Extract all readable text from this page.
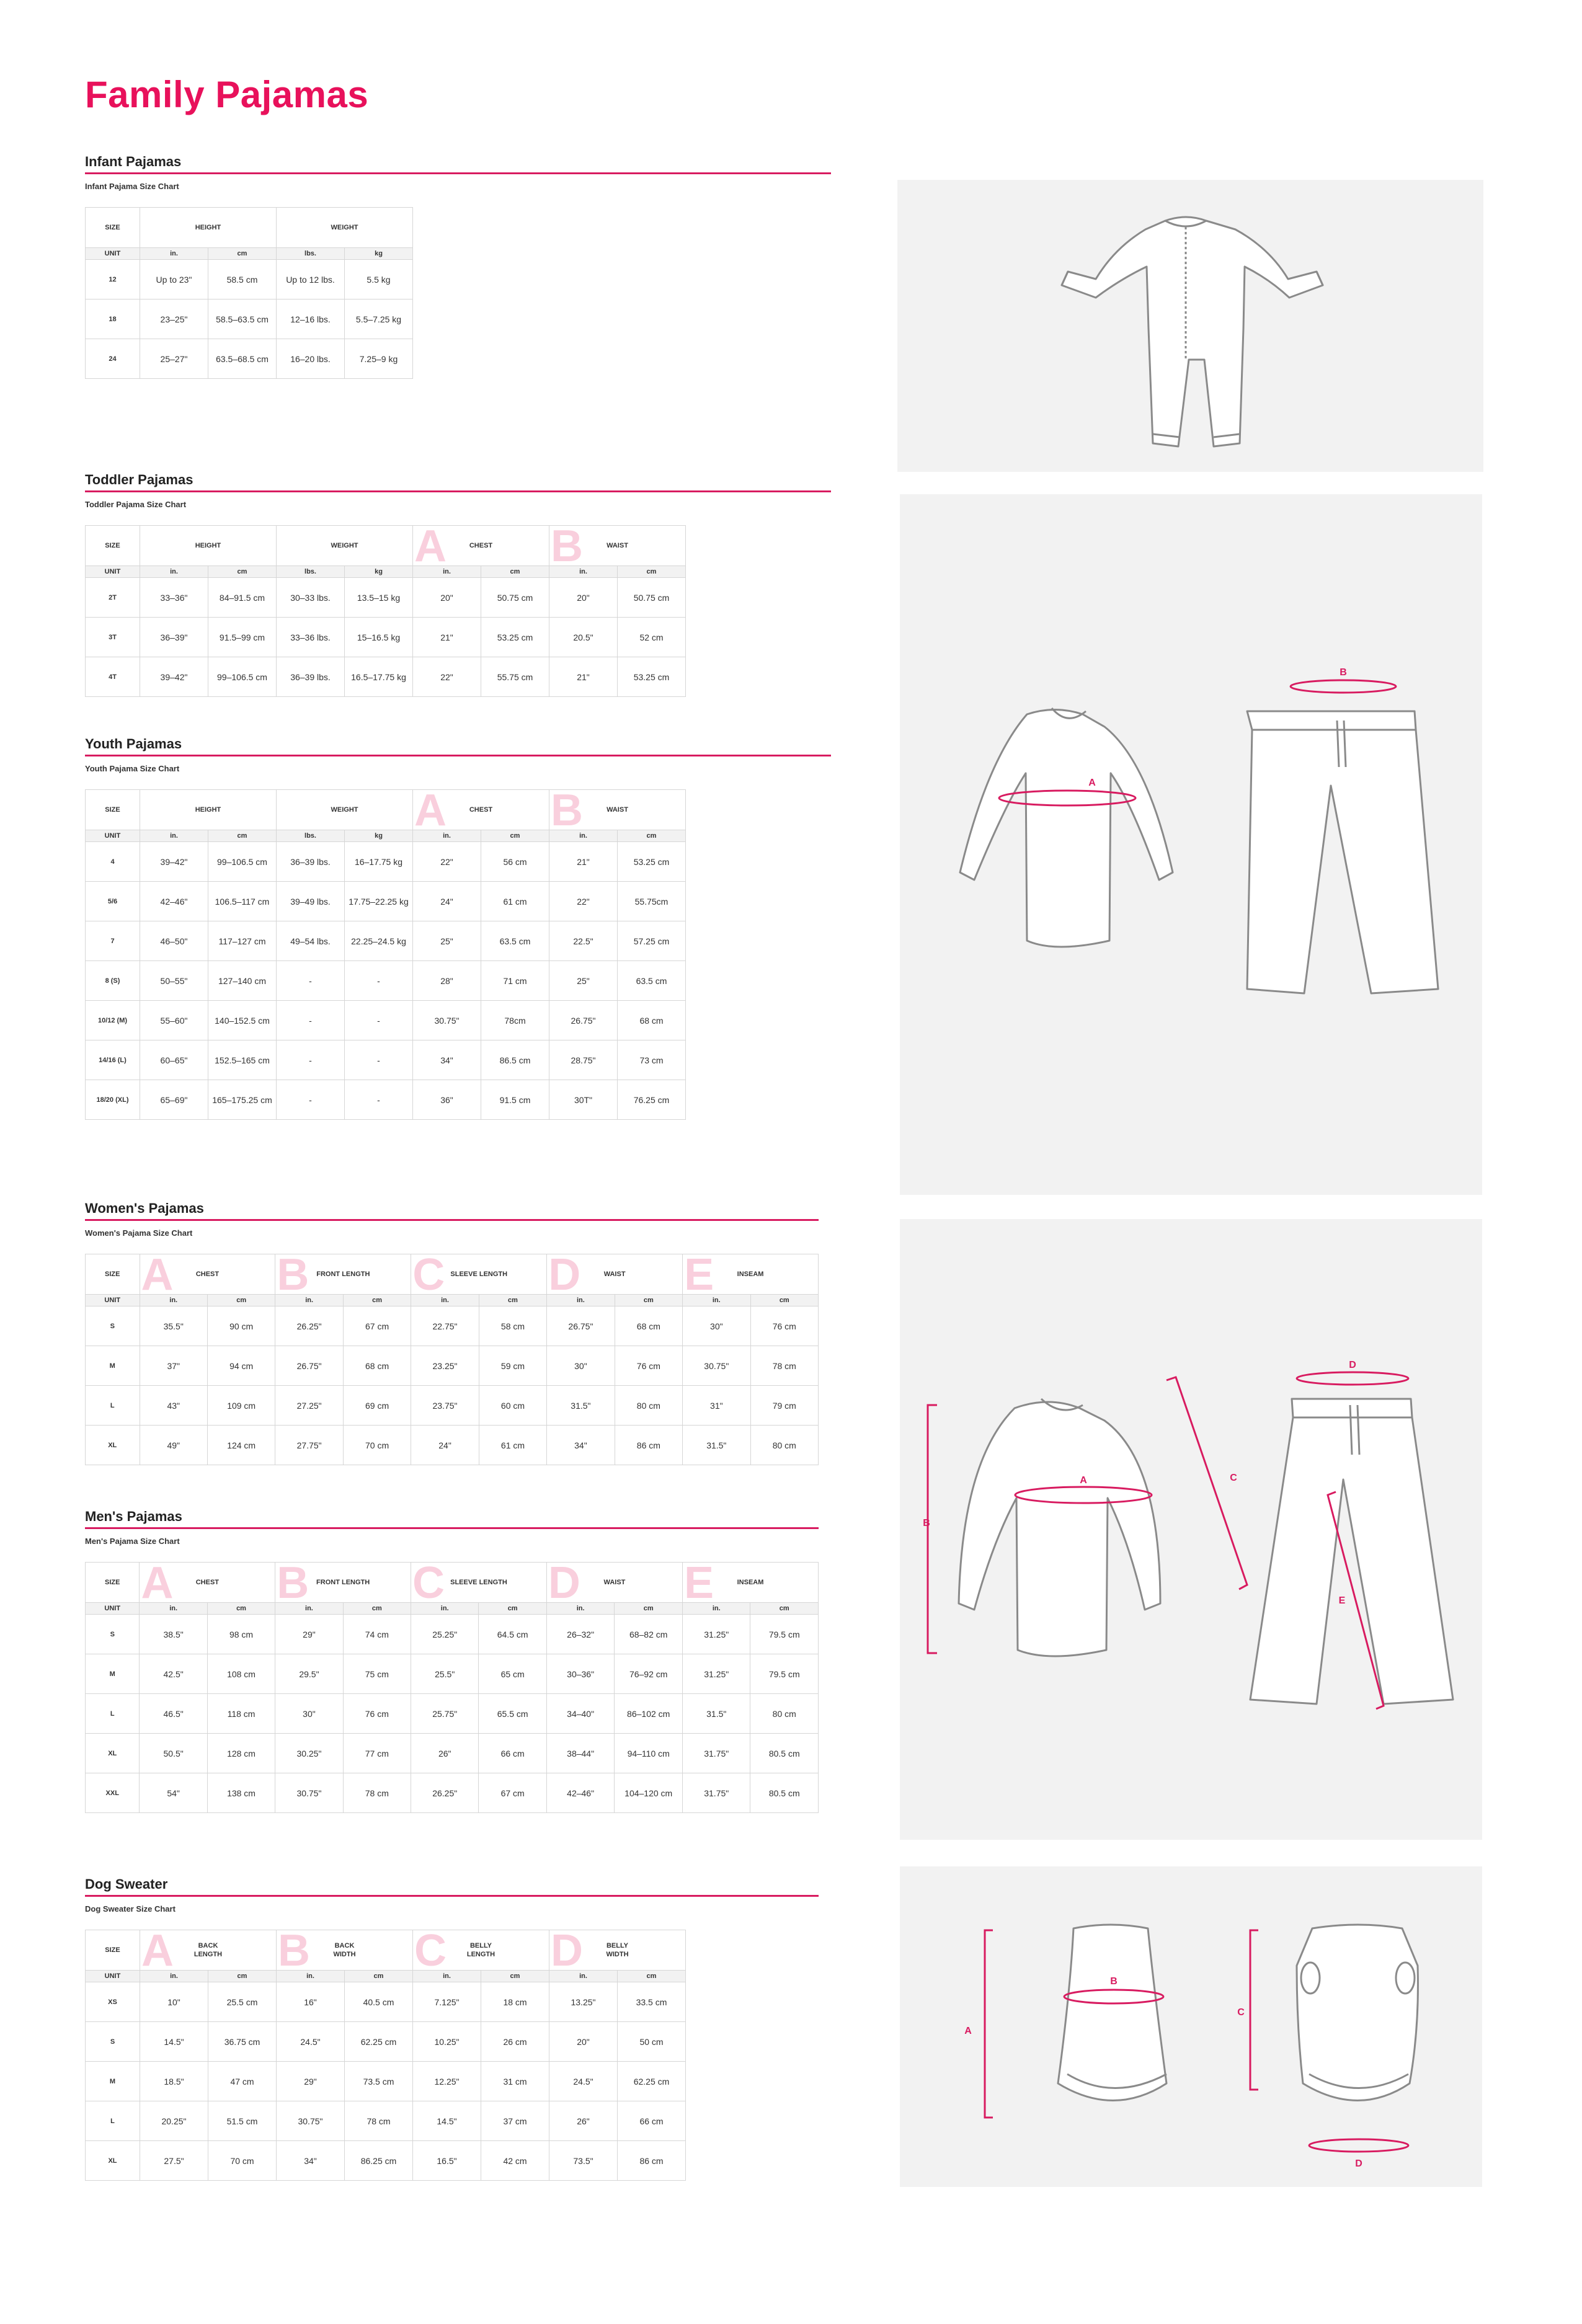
Family Pajamas
Infant Pajamas
Infant Pajama Size Chart
SIZE	HEIGHT		WEIGHT	
UNIT	in.	cm	lbs.	kg
12	Up to 23"	58.5 cm	Up to 12 lbs.	5.5 kg
18	23–25"	58.5–63.5 cm	12–16 lbs.	5.5–7.25 kg
24	25–27"	63.5–68.5 cm	16–20 lbs.	7.25–9 kg
Toddler Pajamas
Toddler Pajama Size Chart
SIZE	HEIGHT		WEIGHT		A CHEST		B WAIST	
UNIT	in.	cm	lbs.	kg	in.	cm	in.	cm
2T	33–36"	84–91.5 cm	30–33 lbs.	13.5–15 kg	20"	50.75 cm	20"	50.75 cm
3T	36–39"	91.5–99 cm	33–36 lbs.	15–16.5 kg	21"	53.25 cm	20.5"	52 cm
4T	39–42"	99–106.5 cm	36–39 lbs.	16.5–17.75 kg	22"	55.75 cm	21"	53.25 cm
Youth Pajamas
Youth Pajama Size Chart
SIZE	HEIGHT		WEIGHT		A CHEST		B WAIST	
UNIT	in.	cm	lbs.	kg	in.	cm	in.	cm
4	39–42"	99–106.5 cm	36–39 lbs.	16–17.75 kg	22"	56 cm	21"	53.25 cm
5/6	42–46"	106.5–117 cm	39–49 lbs.	17.75–22.25 kg	24"	61 cm	22"	55.75cm
7	46–50"	117–127 cm	49–54 lbs.	22.25–24.5 kg	25"	63.5 cm	22.5"	57.25 cm
8 (S)	50–55"	127–140 cm	-	-	28"	71 cm	25"	63.5 cm
10/12 (M)	55–60"	140–152.5 cm	-	-	30.75"	78cm	26.75"	68 cm
14/16 (L)	60–65"	152.5–165 cm	-	-	34"	86.5 cm	28.75"	73 cm
18/20 (XL)	65–69"	165–175.25 cm	-	-	36"	91.5 cm	30T"	76.25 cm
Women's Pajamas
Women's Pajama Size Chart
SIZE	A CHEST		B FRONT LENGTH		C SLEEVE LENGTH		D WAIST		E INSEAM	
UNIT	in.	cm	in.	cm	in.	cm	in.	cm	in.	cm
S	35.5"	90 cm	26.25"	67 cm	22.75"	58 cm	26.75"	68 cm	30"	76 cm
M	37"	94 cm	26.75"	68 cm	23.25"	59 cm	30"	76 cm	30.75"	78 cm
L	43"	109 cm	27.25"	69 cm	23.75"	60 cm	31.5"	80 cm	31"	79 cm
XL	49"	124 cm	27.75"	70 cm	24"	61 cm	34"	86 cm	31.5"	80 cm
Men's Pajamas
Men's Pajama Size Chart
SIZE	A CHEST		B FRONT LENGTH		C SLEEVE LENGTH		D WAIST		E INSEAM	
UNIT	in.	cm	in.	cm	in.	cm	in.	cm	in.	cm
S	38.5"	98 cm	29"	74 cm	25.25"	64.5 cm	26–32"	68–82 cm	31.25"	79.5 cm
M	42.5"	108 cm	29.5"	75 cm	25.5"	65 cm	30–36"	76–92 cm	31.25"	79.5 cm
L	46.5"	118 cm	30"	76 cm	25.75"	65.5 cm	34–40"	86–102 cm	31.5"	80 cm
XL	50.5"	128 cm	30.25"	77 cm	26"	66 cm	38–44"	94–110 cm	31.75"	80.5 cm
XXL	54"	138 cm	30.75"	78 cm	26.25"	67 cm	42–46"	104–120 cm	31.75"	80.5 cm
Dog Sweater
Dog Sweater Size Chart
SIZE	A BACK LENGTH		B BACK WIDTH		C BELLY LENGTH		D BELLY WIDTH	
UNIT	in.	cm	in.	cm	in.	cm	in.	cm
XS	10"	25.5 cm	16"	40.5 cm	7.125"	18 cm	13.25"	33.5 cm
S	14.5"	36.75 cm	24.5"	62.25 cm	10.25"	26 cm	20"	50 cm
M	18.5"	47 cm	29"	73.5 cm	12.25"	31 cm	24.5"	62.25 cm
L	20.25"	51.5 cm	30.75"	78 cm	14.5"	37 cm	26"	66 cm
XL	27.5"	70 cm	34"	86.25 cm	16.5"	42 cm	73.5"	86 cm
A
B
A
B
C
D
E
A
B
C
D
